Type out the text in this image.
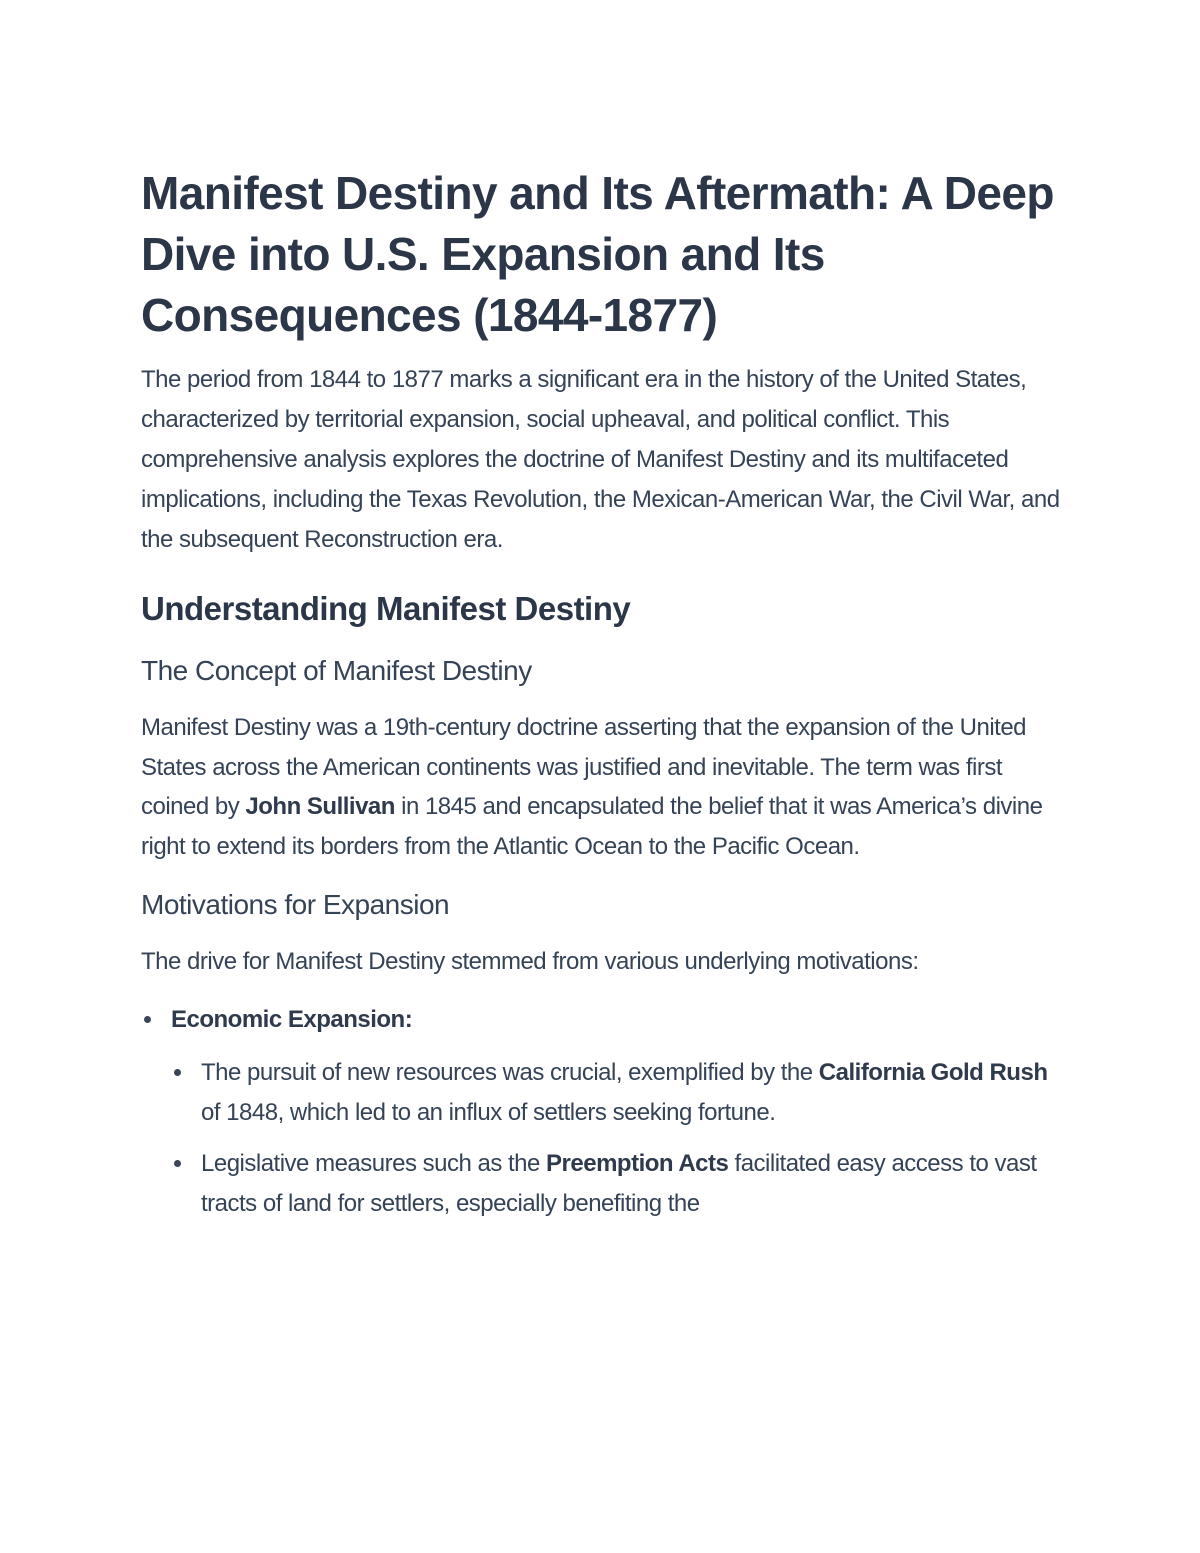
Manifest Destiny and Its Aftermath: A Deep Dive into U.S. Expansion and Its Consequences (1844-1877)

The period from 1844 to 1877 marks a significant era in the history of the United States, characterized by territorial expansion, social upheaval, and political conflict. This comprehensive analysis explores the doctrine of Manifest Destiny and its multifaceted implications, including the Texas Revolution, the Mexican-American War, the Civil War, and the subsequent Reconstruction era.

Understanding Manifest Destiny
The Concept of Manifest Destiny

Manifest Destiny was a 19th-century doctrine asserting that the expansion of the United States across the American continents was justified and inevitable. The term was first coined by John Sullivan in 1845 and encapsulated the belief that it was America’s divine right to extend its borders from the Atlantic Ocean to the Pacific Ocean.

Motivations for Expansion

The drive for Manifest Destiny stemmed from various underlying motivations:

Economic Expansion:
The pursuit of new resources was crucial, exemplified by the California Gold Rush of 1848, which led to an influx of settlers seeking fortune.
Legislative measures such as the Preemption Acts facilitated easy access to vast tracts of land for settlers, especially benefiting the
